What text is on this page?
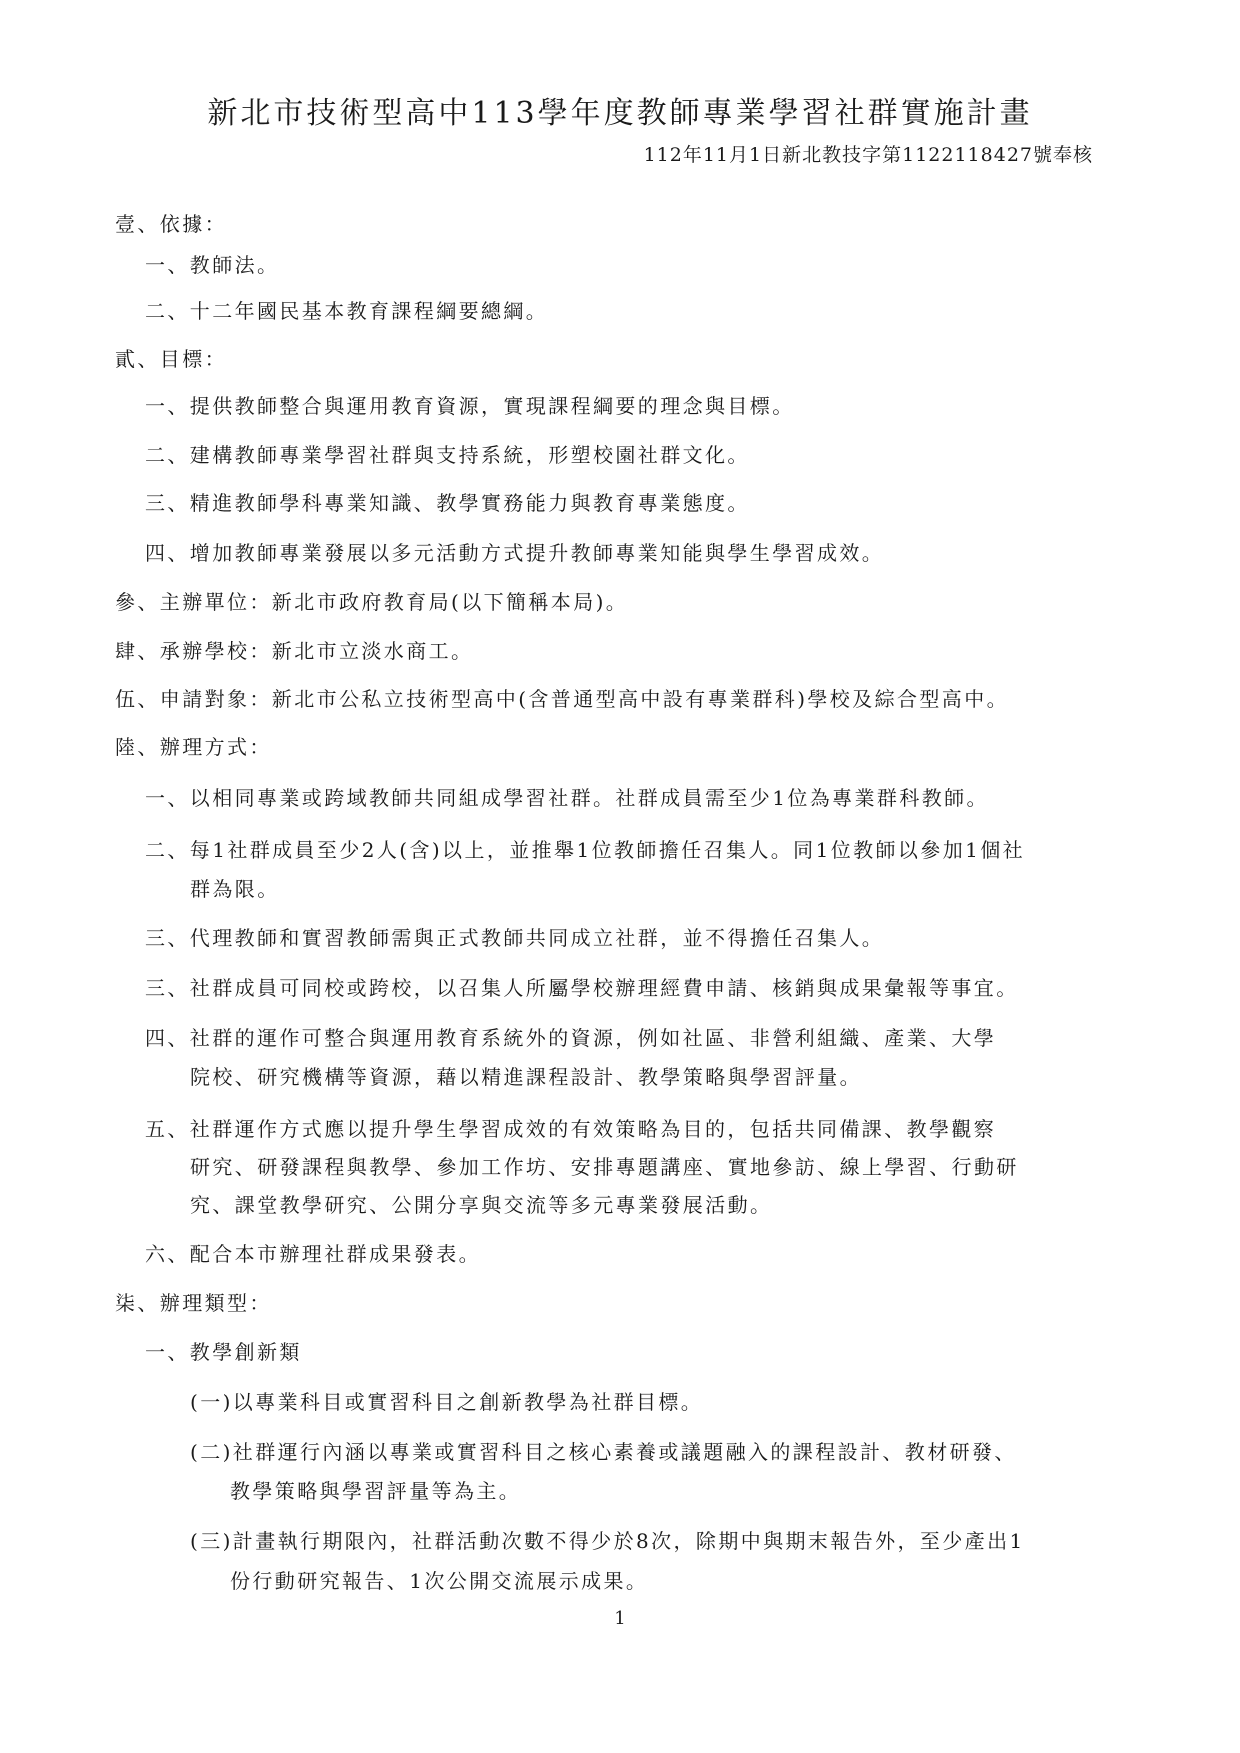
新北市技術型高中113學年度教師專業學習社群實施計畫
112年11月1日新北教技字第1122118427號奉核
壹、依據：
一、教師法。
二、十二年國民基本教育課程綱要總綱。
貳、目標：
一、提供教師整合與運用教育資源，實現課程綱要的理念與目標。
二、建構教師專業學習社群與支持系統，形塑校園社群文化。
三、精進教師學科專業知識、教學實務能力與教育專業態度。
四、增加教師專業發展以多元活動方式提升教師專業知能與學生學習成效。
參、主辦單位：新北市政府教育局(以下簡稱本局)。
肆、承辦學校：新北市立淡水商工。
伍、申請對象：新北市公私立技術型高中(含普通型高中設有專業群科)學校及綜合型高中。
陸、辦理方式：
一、以相同專業或跨域教師共同組成學習社群。社群成員需至少1位為專業群科教師。
二、每1社群成員至少2人(含)以上，並推舉1位教師擔任召集人。同1位教師以參加1個社
群為限。
三、代理教師和實習教師需與正式教師共同成立社群，並不得擔任召集人。
三、社群成員可同校或跨校，以召集人所屬學校辦理經費申請、核銷與成果彙報等事宜。
四、社群的運作可整合與運用教育系統外的資源，例如社區、非營利組織、產業、大學
院校、研究機構等資源，藉以精進課程設計、教學策略與學習評量。
五、社群運作方式應以提升學生學習成效的有效策略為目的，包括共同備課、教學觀察
研究、研發課程與教學、參加工作坊、安排專題講座、實地參訪、線上學習、行動研
究、課堂教學研究、公開分享與交流等多元專業發展活動。
六、配合本市辦理社群成果發表。
柒、辦理類型：
一、教學創新類
(一)以專業科目或實習科目之創新教學為社群目標。
(二)社群運行內涵以專業或實習科目之核心素養或議題融入的課程設計、教材研發、
教學策略與學習評量等為主。
(三)計畫執行期限內，社群活動次數不得少於8次，除期中與期末報告外，至少產出1
份行動研究報告、1次公開交流展示成果。
1
